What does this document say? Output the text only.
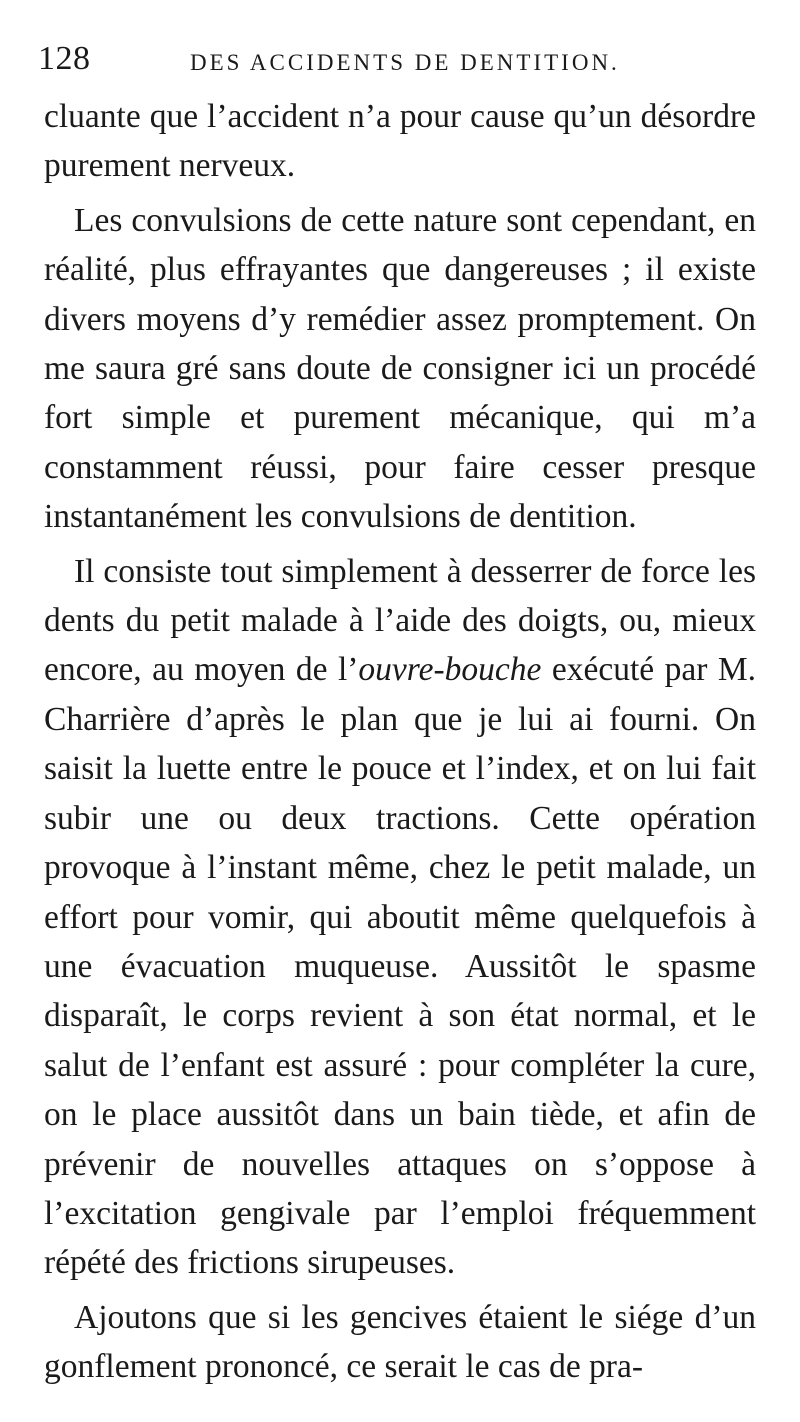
128	DES ACCIDENTS DE DENTITION.

cluante que l’accident n’a pour cause qu’un désordre purement nerveux.

Les convulsions de cette nature sont cependant, en réalité, plus effrayantes que dangereuses ; il existe divers moyens d’y remédier assez promptement. On me saura gré sans doute de consigner ici un procédé fort simple et purement mécanique, qui m’a constamment réussi, pour faire cesser presque instantanément les convulsions de dentition.

Il consiste tout simplement à desserrer de force les dents du petit malade à l’aide des doigts, ou, mieux encore, au moyen de l’ouvre-bouche exécuté par M. Charrière d’après le plan que je lui ai fourni. On saisit la luette entre le pouce et l’index, et on lui fait subir une ou deux tractions. Cette opération provoque à l’instant même, chez le petit malade, un effort pour vomir, qui aboutit même quelquefois à une évacuation muqueuse. Aussitôt le spasme disparaît, le corps revient à son état normal, et le salut de l’enfant est assuré : pour compléter la cure, on le place aussitôt dans un bain tiède, et afin de prévenir de nouvelles attaques on s’oppose à l’excitation gengivale par l’emploi fréquemment répété des frictions sirupeuses.

Ajoutons que si les gencives étaient le siége d’un gonflement prononcé, ce serait le cas de pra-
